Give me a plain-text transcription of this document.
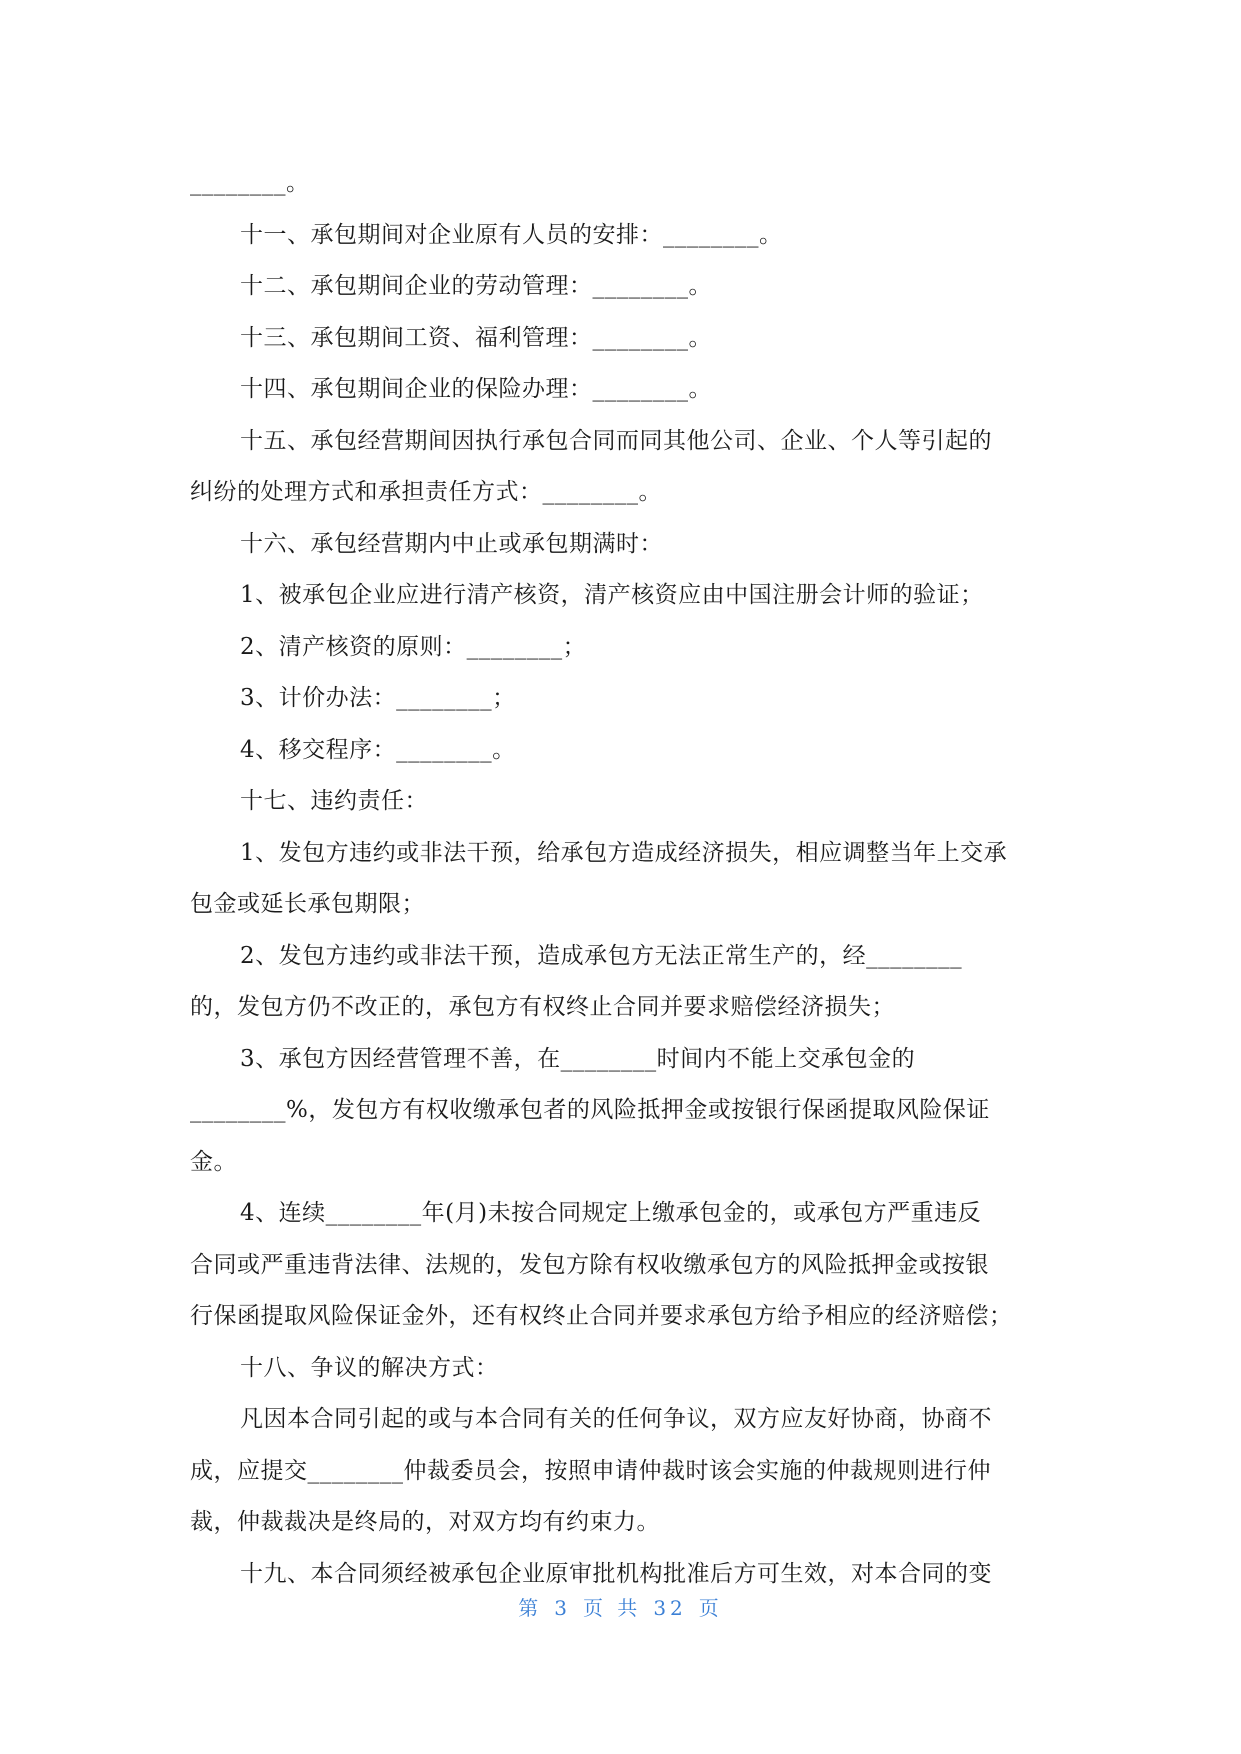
________。
十一、承包期间对企业原有人员的安排：________。
十二、承包期间企业的劳动管理：________。
十三、承包期间工资、福利管理：________。
十四、承包期间企业的保险办理：________。
十五、承包经营期间因执行承包合同而同其他公司、企业、个人等引起的
纠纷的处理方式和承担责任方式：________。
十六、承包经营期内中止或承包期满时：
1、被承包企业应进行清产核资，清产核资应由中国注册会计师的验证；
2、清产核资的原则：________；
3、计价办法：________；
4、移交程序：________。
十七、违约责任：
1、发包方违约或非法干预，给承包方造成经济损失，相应调整当年上交承
包金或延长承包期限；
2、发包方违约或非法干预，造成承包方无法正常生产的，经________
的，发包方仍不改正的，承包方有权终止合同并要求赔偿经济损失；
3、承包方因经营管理不善，在________时间内不能上交承包金的
________%，发包方有权收缴承包者的风险抵押金或按银行保函提取风险保证
金。
4、连续________年(月)未按合同规定上缴承包金的，或承包方严重违反
合同或严重违背法律、法规的，发包方除有权收缴承包方的风险抵押金或按银
行保函提取风险保证金外，还有权终止合同并要求承包方给予相应的经济赔偿；
十八、争议的解决方式：
凡因本合同引起的或与本合同有关的任何争议，双方应友好协商，协商不
成，应提交________仲裁委员会，按照申请仲裁时该会实施的仲裁规则进行仲
裁，仲裁裁决是终局的，对双方均有约束力。
十九、本合同须经被承包企业原审批机构批准后方可生效，对本合同的变
第 3 页 共 32 页
